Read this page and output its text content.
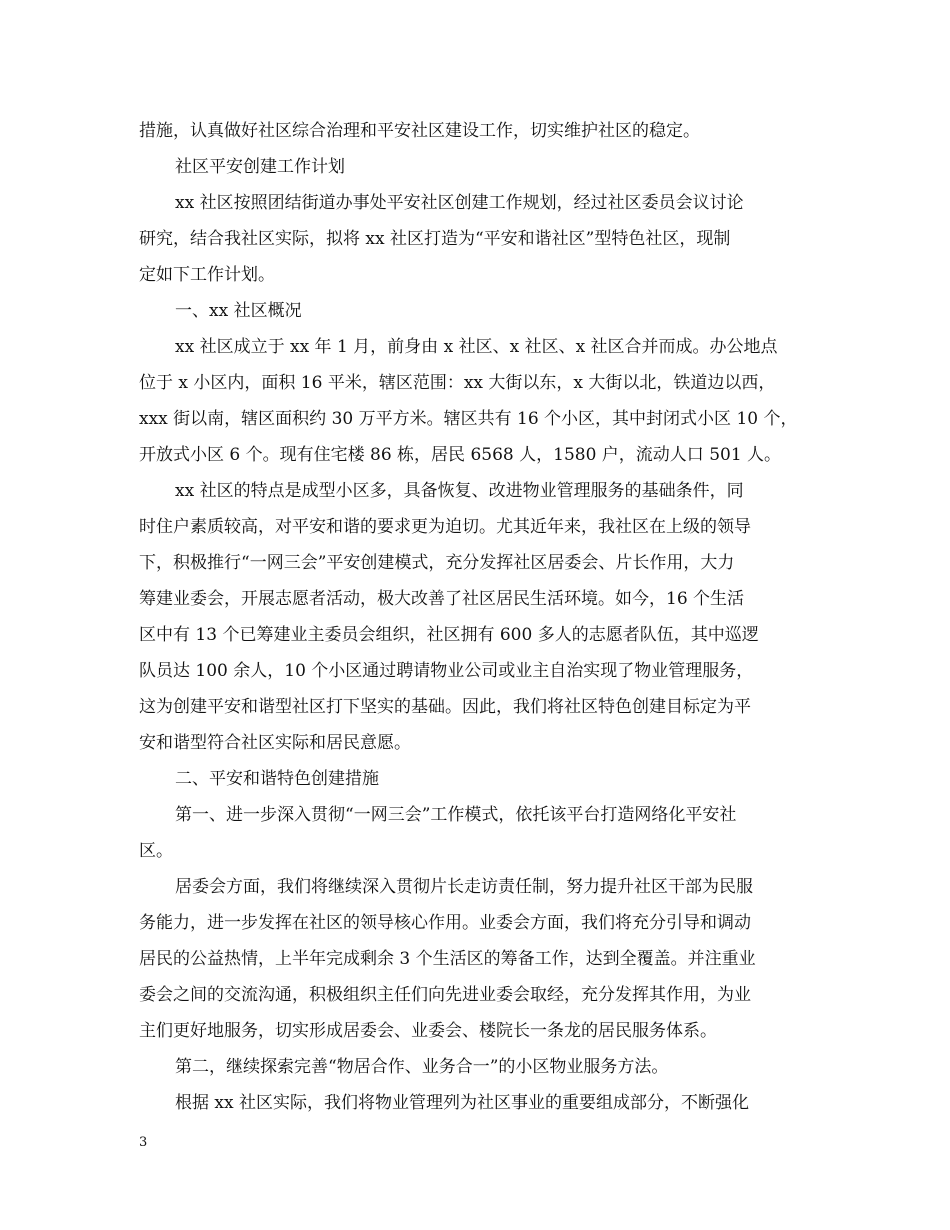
措施，认真做好社区综合治理和平安社区建设工作，切实维护社区的稳定。
社区平安创建工作计划
xx 社区按照团结街道办事处平安社区创建工作规划，经过社区委员会议讨论
研究，结合我社区实际，拟将 xx 社区打造为“平安和谐社区”型特色社区，现制
定如下工作计划。
一、xx 社区概况
xx 社区成立于 xx 年 1 月，前身由 x 社区、x 社区、x 社区合并而成。办公地点
位于 x 小区内，面积 16 平米，辖区范围：xx 大街以东，x 大街以北，铁道边以西，
xxx 街以南，辖区面积约 30 万平方米。辖区共有 16 个小区，其中封闭式小区 10 个，
开放式小区 6 个。现有住宅楼 86 栋，居民 6568 人，1580 户，流动人口 501 人。
xx 社区的特点是成型小区多，具备恢复、改进物业管理服务的基础条件，同
时住户素质较高，对平安和谐的要求更为迫切。尤其近年来，我社区在上级的领导
下，积极推行“一网三会”平安创建模式，充分发挥社区居委会、片长作用，大力
筹建业委会，开展志愿者活动，极大改善了社区居民生活环境。如今，16 个生活
区中有 13 个已筹建业主委员会组织，社区拥有 600 多人的志愿者队伍，其中巡逻
队员达 100 余人，10 个小区通过聘请物业公司或业主自治实现了物业管理服务，
这为创建平安和谐型社区打下坚实的基础。因此，我们将社区特色创建目标定为平
安和谐型符合社区实际和居民意愿。
二、平安和谐特色创建措施
第一、进一步深入贯彻“一网三会”工作模式，依托该平台打造网络化平安社
区。
居委会方面，我们将继续深入贯彻片长走访责任制，努力提升社区干部为民服
务能力，进一步发挥在社区的领导核心作用。业委会方面，我们将充分引导和调动
居民的公益热情，上半年完成剩余 3 个生活区的筹备工作，达到全覆盖。并注重业
委会之间的交流沟通，积极组织主任们向先进业委会取经，充分发挥其作用，为业
主们更好地服务，切实形成居委会、业委会、楼院长一条龙的居民服务体系。
第二，继续探索完善“物居合作、业务合一”的小区物业服务方法。
根据 xx 社区实际，我们将物业管理列为社区事业的重要组成部分，不断强化
3
